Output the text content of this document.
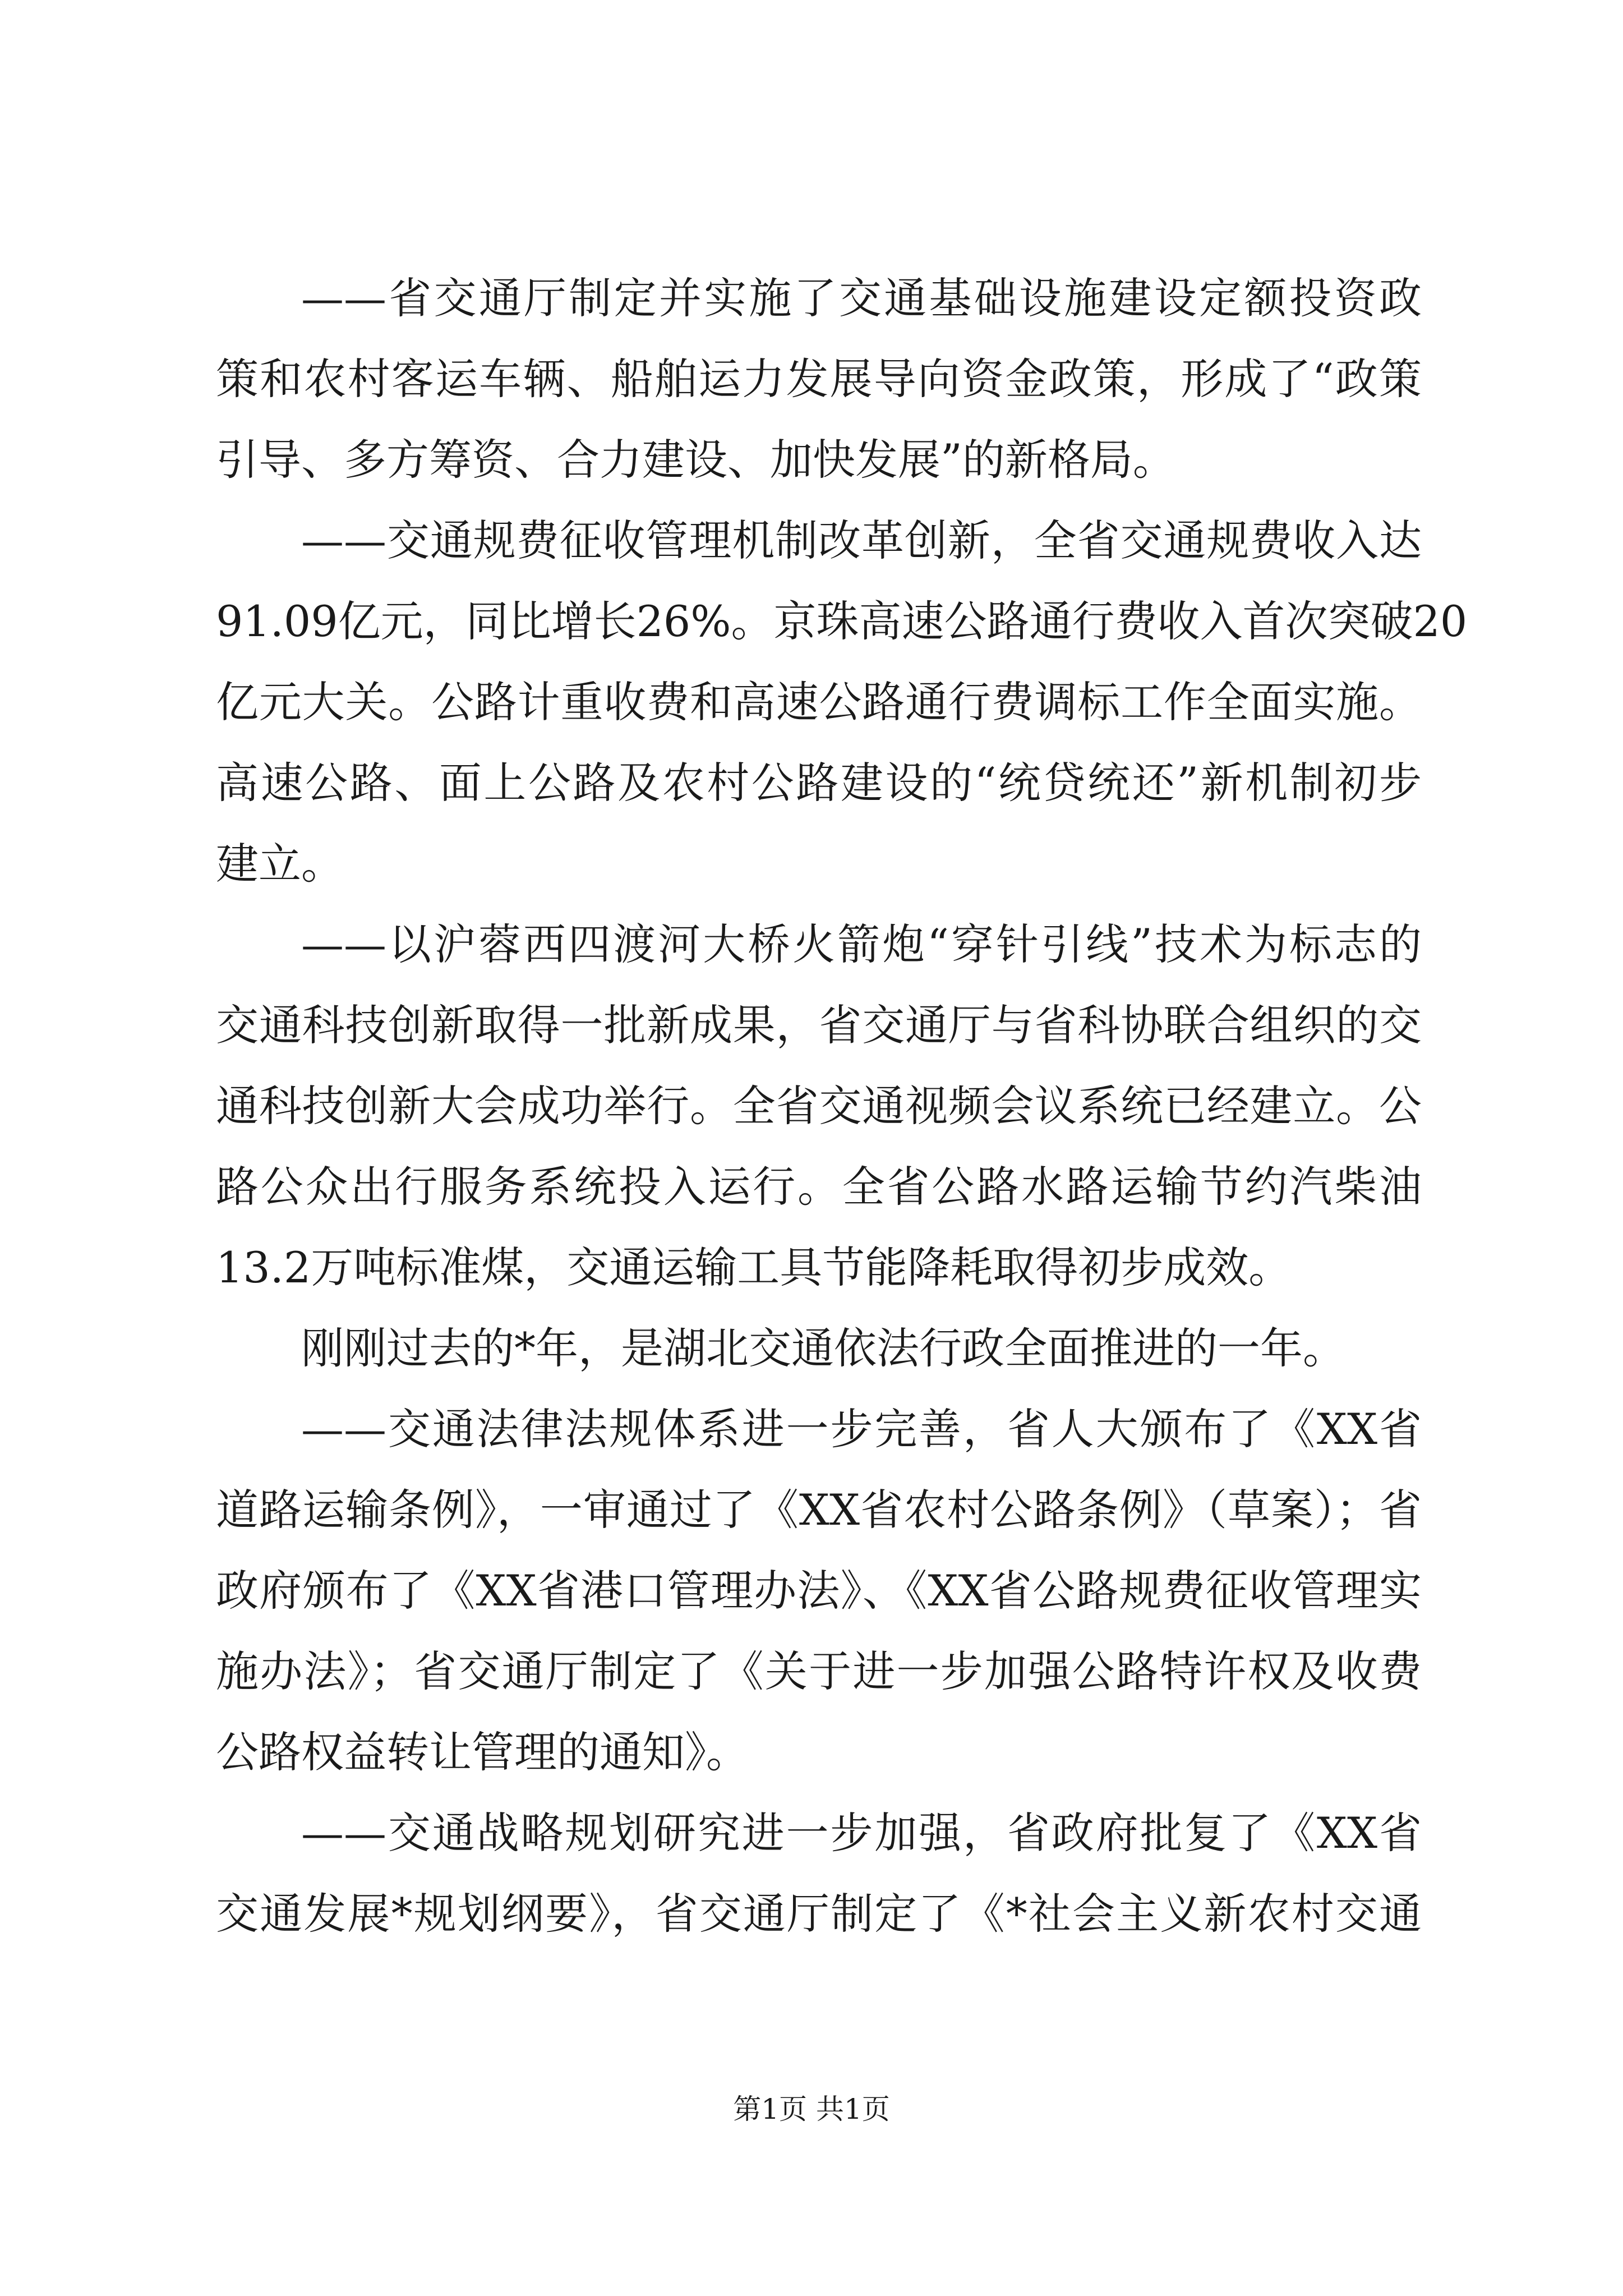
——省交通厅制定并实施了交通基础设施建设定额投资政
策和农村客运车辆、船舶运力发展导向资金政策，形成了“政策
引导、多方筹资、合力建设、加快发展”的新格局。
——交通规费征收管理机制改革创新，全省交通规费收入达
91.09亿元，同比增长26%。京珠高速公路通行费收入首次突破20
亿元大关。公路计重收费和高速公路通行费调标工作全面实施。
高速公路、面上公路及农村公路建设的“统贷统还”新机制初步
建立。
——以沪蓉西四渡河大桥火箭炮“穿针引线”技术为标志的
交通科技创新取得一批新成果，省交通厅与省科协联合组织的交
通科技创新大会成功举行。全省交通视频会议系统已经建立。公
路公众出行服务系统投入运行。全省公路水路运输节约汽柴油
13.2万吨标准煤，交通运输工具节能降耗取得初步成效。
刚刚过去的*年，是湖北交通依法行政全面推进的一年。
——交通法律法规体系进一步完善，省人大颁布了《XX省
道路运输条例》，一审通过了《XX省农村公路条例》（草案）；省
政府颁布了《XX省港口管理办法》、《XX省公路规费征收管理实
施办法》；省交通厅制定了《关于进一步加强公路特许权及收费
公路权益转让管理的通知》。
——交通战略规划研究进一步加强，省政府批复了《XX省
交通发展*规划纲要》，省交通厅制定了《*社会主义新农村交通
第1页 共1页
